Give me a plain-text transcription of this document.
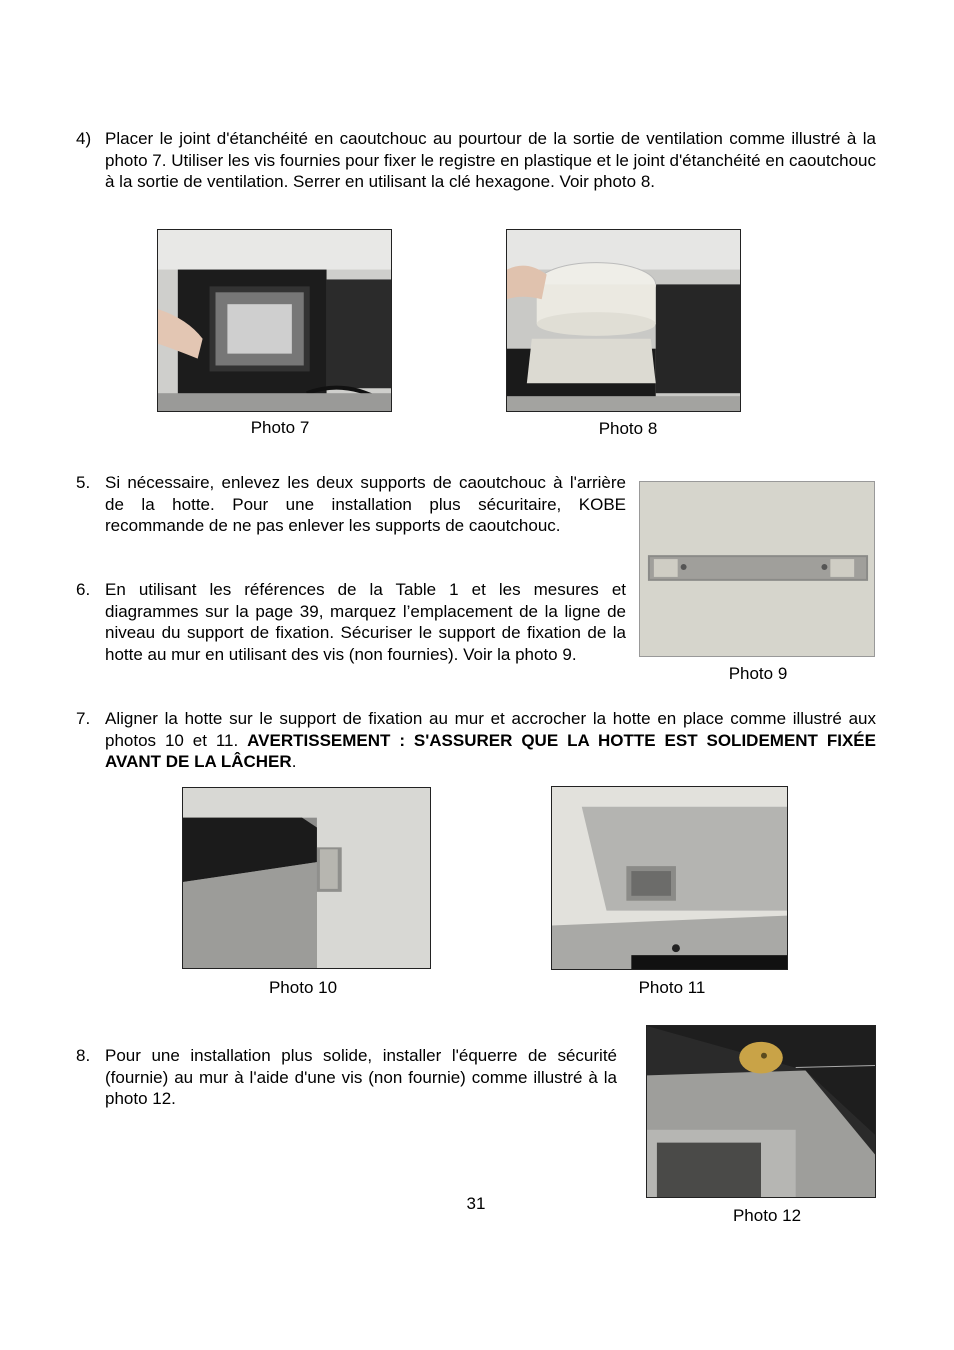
4) Placer le joint d'étanchéité en caoutchouc au pourtour de la sortie de ventilation comme illustré à la photo 7. Utiliser les vis fournies pour fixer le registre en plastique et le joint d'étanchéité en caoutchouc à la sortie de ventilation. Serrer en utilisant la clé hexagone. Voir photo 8.
Photo 7	Photo 8
5. Si nécessaire, enlevez les deux supports de caoutchouc à l'arrière de la hotte. Pour une installation plus sécuritaire, KOBE recommande de ne pas enlever les supports de caoutchouc.
6. En utilisant les références de la Table 1 et les mesures et diagrammes sur la page 39, marquez l’emplacement de la ligne de niveau du support de fixation. Sécuriser le support de fixation de la hotte au mur en utilisant des vis (non fournies). Voir la photo 9.
Photo 9
7. Aligner la hotte sur le support de fixation au mur et accrocher la hotte en place comme illustré aux photos 10 et 11. AVERTISSEMENT : S'ASSURER QUE LA HOTTE EST SOLIDEMENT FIXÉE AVANT DE LA LÂCHER.
Photo 10	Photo 11
8. Pour une installation plus solide, installer l'équerre de sécurité (fournie) au mur à l'aide d'une vis (non fournie) comme illustré à la photo 12.
Photo 12
31
